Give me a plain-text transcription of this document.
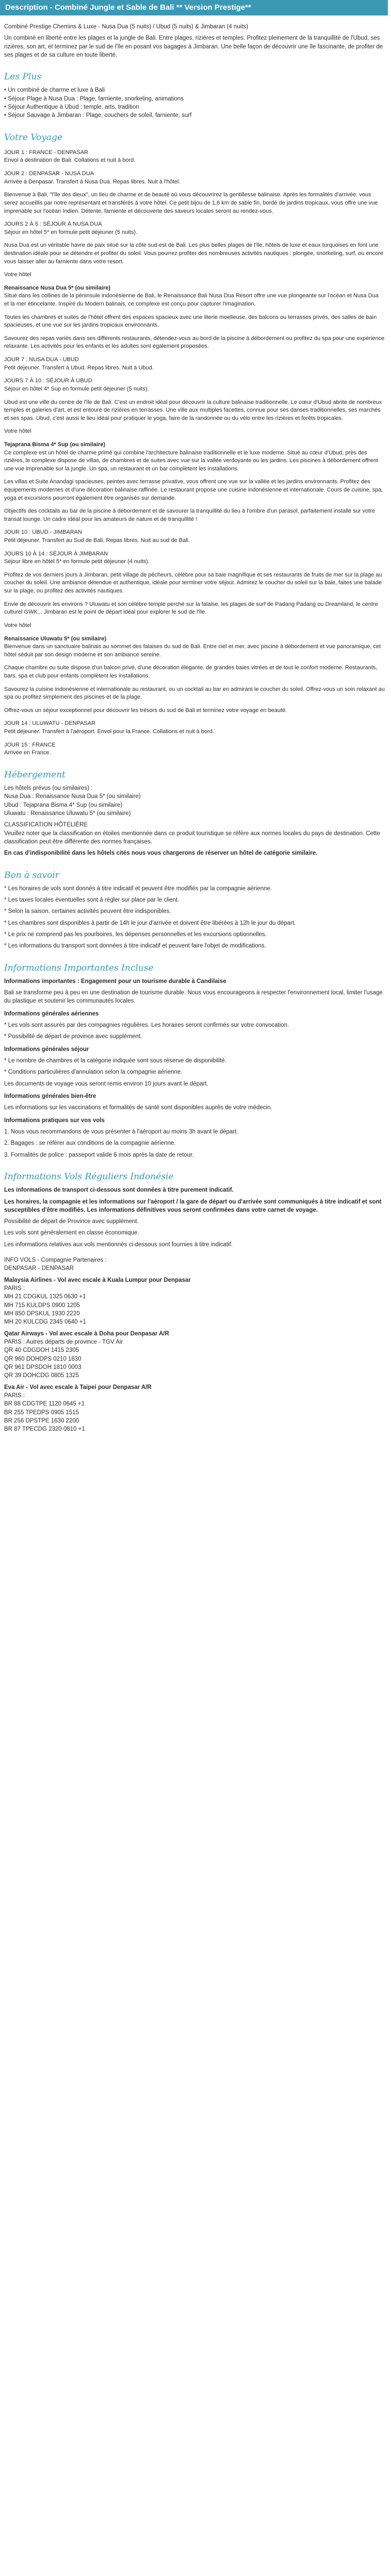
Description - Combiné Jungle et Sable de Bali ** Version Prestige**

Combiné Prestige Chemins & Luxe - Nusa Dua (5 nuits) / Ubud (5 nuits) & Jimbaran (4 nuits)

Un combiné en liberté entre les plages et la jungle de Bali. Entre plages, rizières et temples. Profitez pleinement de la tranquillité de l'Ubud, ses rizières, son art, et terminez par le sud de l'île en posant vos bagages à Jimbaran. Une belle façon de découvrir une île fascinante, de profiter de ses plages et de sa culture en toute liberté.

Les Plus

• Un combiné de charme et luxe à Bali

• Séjour Plage à Nusa Dua : Plage, farniente, snorkeling, animations

• Séjour Authentique à Ubud : temple, arts, tradition

• Séjour Sauvage à Jimbaran : Plage, couchers de soleil, farniente, surf

Votre Voyage

JOUR 1 : FRANCE - DENPASAR

Envol à destination de Bali. Collations et nuit à bord.

JOUR 2 : DENPASAR - NUSA DUA

Arrivée à Denpasar. Transfert à Nusa Dua. Repas libres. Nuit à l'hôtel.

Bienvenue à Bali, "l'île des dieux", un lieu de charme et de beauté où vous découvrirez la gentillesse balinaise. Après les formalités d'arrivée, vous serez accueillis par notre représentant et transférés à votre hôtel. Ce petit bijou de 1,6 km de sable fin, bordé de jardins tropicaux, vous offre une vue imprenable sur l'océan Indien. Détente, farniente et découverte des saveurs locales seront au rendez-vous.

JOURS 2 À 5 : SÉJOUR À NUSA DUA

Séjour en hôtel 5* en formule petit déjeuner (5 nuits).

Nusa Dua est un véritable havre de paix situé sur la côte sud-est de Bali. Les plus belles plages de l'île, hôtels de luxe et eaux turquoises en font une destination idéale pour se détendre et profiter du soleil. Vous pourrez profiter des nombreuses activités nautiques : plongée, snorkeling, surf, ou encore vous laisser aller au farniente dans votre resort.

Votre hôtel

Renaissance Nusa Dua 5* (ou similaire)

Situé dans les collines de la péninsule indonésienne de Bali, le Renaissance Bali Nusa Dua Resort offre une vue plongeante sur l'océan et Nusa Dua et la mer étincelante. Inspiré du Modern balinais, ce complexe est conçu pour capturer l'imagination.

Toutes les chambres et suites de l'hôtel offrent des espaces spacieux avec une literie moelleuse, des balcons ou terrasses privés, des salles de bain spacieuses, et une vue sur les jardins tropicaux environnants.

Savourez des repas variés dans ses différents restaurants, détendez-vous au bord de la piscine à débordement ou profitez du spa pour une expérience relaxante. Les activités pour les enfants et les adultes sont également proposées.

JOUR 7 : NUSA DUA - UBUD

Petit déjeuner. Transfert à Ubud. Repas libres. Nuit à Ubud.

JOURS 7 À 10 : SÉJOUR À UBUD

Séjour en hôtel 4* Sup en formule petit déjeuner (5 nuits).

Ubud est une ville du centre de l'île de Bali. C'est un endroit idéal pour découvrir la culture balinaise traditionnelle. Le cœur d'Ubud abrite de nombreux temples et galeries d'art, et est entouré de rizières en terrasses. Une ville aux multiples facettes, connue pour ses danses traditionnelles, ses marchés et ses spas. Ubud, c'est aussi le lieu idéal pour pratiquer le yoga, faire de la randonnée ou du vélo entre les rizières et forêts tropicales.

Votre hôtel

Tejaprana Bisma 4* Sup (ou similaire)

Ce complexe est un hôtel de charme primé qui combine l'architecture balinaise traditionnelle et le luxe moderne. Situé au cœur d'Ubud, près des rizières, le complexe dispose de villas, de chambres et de suites avec vue sur la vallée verdoyante ou les jardins. Les piscines à débordement offrent une vue imprenable sur la jungle. Un spa, un restaurant et un bar complètent les installations.

Les villas et Suite Anandagi spacieuses, peintes avec terrasse privative, vous offrent une vue sur la vallée et les jardins environnants. Profitez des équipements modernes et d'une décoration balinaise raffinée. Le restaurant propose une cuisine indonésienne et internationale. Cours de cuisine, spa, yoga et excursions pourront également être organisés sur demande.

Objectifs des cocktails au bar de la piscine à débordement et de savourer la tranquillité du lieu à l'ombre d'un parasol, parfaitement installé sur votre transat lounge. Un cadre idéal pour les amateurs de nature et de tranquillité !

JOUR 10 : UBUD - JIMBARAN

Petit déjeuner. Transfert au Sud de Bali. Repas libres. Nuit au sud de Bali.

JOURS 10 À 14 : SÉJOUR À JIMBARAN

Séjour libre en hôtel 5* en formule petit déjeuner (4 nuits).

Profitez de vos derniers jours à Jimbaran, petit village de pêcheurs, célèbre pour sa baie magnifique et ses restaurants de fruits de mer sur la plage au coucher du soleil. Une ambiance détendue et authentique, idéale pour terminer votre séjour. Admirez le coucher du soleil sur la baie, faites une balade sur la plage, ou profitez des activités nautiques.

Envie de découvrir les environs ? Uluwatu et son célèbre temple perché sur la falaise, les plages de surf de Padang Padang ou Dreamland, le centre culturel GWK... Jimbaran est le point de départ idéal pour explorer le sud de l'île.

Votre hôtel

Renaissance Uluwatu 5* (ou similaire)

Bienvenue dans un sanctuaire balinais au sommet des falaises du sud de Bali. Entre ciel et mer, avec piscine à débordement et vue panoramique, cet hôtel séduit par son design moderne et son ambiance sereine.

Chaque chambre ou suite dispose d'un balcon privé, d'une décoration élégante, de grandes baies vitrées et de tout le confort moderne. Restaurants, bars, spa et club pour enfants complètent les installations.

Savourez la cuisine indonésienne et internationale au restaurant, ou un cocktail au bar en admirant le coucher du soleil. Offrez-vous un soin relaxant au spa ou profitez simplement des piscines et de la plage.

Offrez-vous un séjour exceptionnel pour découvrir les trésors du sud de Bali et terminez votre voyage en beauté.

JOUR 14 : ULUWATU - DENPASAR

Petit déjeuner. Transfert à l'aéroport. Envol pour la France. Collations et nuit à bord.

JOUR 15 : FRANCE

Arrivée en France.

Hébergement

Les hôtels prévus (ou similaires) :

Nusa Dua : Renaissance Nusa Dua 5* (ou similaire)

Ubud : Tejaprana Bisma 4* Sup (ou similaire)

Uluwatu : Renaissance Uluwatu 5* (ou similaire)

CLASSIFICATION HÔTELIÈRE

Veuillez noter que la classification en étoiles mentionnée dans ce produit touristique se réfère aux normes locales du pays de destination. Cette classification peut être différente des normes françaises.

En cas d'indisponibilité dans les hôtels cités nous vous chargerons de réserver un hôtel de catégorie similaire.

Bon à savoir

* Les horaires de vols sont donnés à titre indicatif et peuvent être modifiés par la compagnie aérienne.

* Les taxes locales éventuelles sont à régler sur place par le client.

* Selon la saison, certaines activités peuvent être indisponibles.

* Les chambres sont disponibles à partir de 14h le jour d'arrivée et doivent être libérées à 12h le jour du départ.

* Le prix ne comprend pas les pourboires, les dépenses personnelles et les excursions optionnelles.

* Les informations du transport sont données à titre indicatif et peuvent faire l'objet de modifications.

Informations Importantes Incluse

Informations importantes : Engagement pour un tourisme durable à Candilaise

Bali se transforme peu à peu en une destination de tourisme durable. Nous vous encourageons à respecter l'environnement local, limiter l'usage du plastique et soutenir les communautés locales.

Informations générales aériennes

* Les vols sont assurés par des compagnies régulières. Les horaires seront confirmés sur votre convocation.

* Possibilité de départ de province avec supplément.

Informations générales séjour

* Le nombre de chambres et la catégorie indiquée sont sous réserve de disponibilité.

* Conditions particulières d'annulation selon la compagnie aérienne.

Les documents de voyage vous seront remis environ 10 jours avant le départ.

Informations générales bien-être

Les informations sur les vaccinations et formalités de santé sont disponibles auprès de votre médecin.

Informations pratiques sur vos vols

1. Nous vous recommandons de vous présenter à l'aéroport au moins 3h avant le départ.

2. Bagages : se référer aux conditions de la compagnie aérienne.

3. Formalités de police : passeport valide 6 mois après la date de retour.

Informations Vols Réguliers Indonésie

Les informations de transport ci-dessous sont données à titre purement indicatif.

Les horaires, la compagnie et les informations sur l'aéroport / la gare de départ ou d'arrivée sont communiqués à titre indicatif et sont susceptibles d'être modifiés. Les informations définitives vous seront confirmées dans votre carnet de voyage.

Possibilité de départ de Province avec supplément.

Les vols sont généralement en classe économique.

Les informations relatives aux vols mentionnés ci-dessous sont fournies à titre indicatif.

INFO VOLS - Compagnie Partenaires :

DENPASAR - DENPASAR

Malaysia Airlines - Vol avec escale à Kuala Lumpur pour Denpasar

PARIS :

MH 21 CDGKUL 1325 0630 +1

MH 715 KULDPS 0900 1205

MH 850 DPSKUL 1930 2220

MH 20 KULCDG 2345 0640 +1

Qatar Airways - Vol avec escale à Doha pour Denpasar A/R

PARIS : Autres départs de province - TGV Air

QR 40 CDGDOH 1415 2305

QR 960 DOHDPS 0210 1630

QR 961 DPSDOH 1810 0003

QR 39 DOHCDG 0805 1325

Eva Air - Vol avec escale à Taipei pour Denpasar A/R

PARIS :

BR 88 CDGTPE 1120 0645 +1

BR 255 TPEDPS 0905 1515

BR 256 DPSTPE 1630 2200

BR 87 TPECDG 2320 0810 +1
